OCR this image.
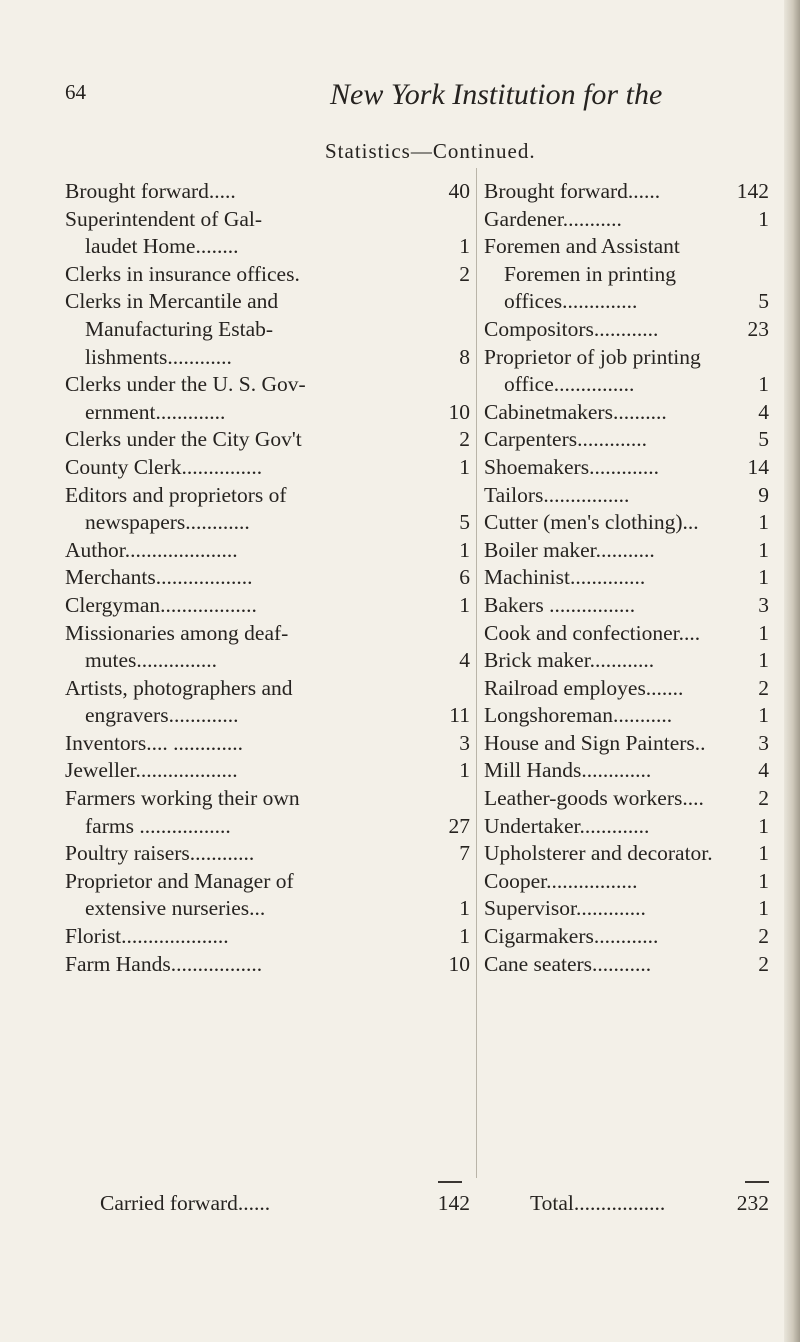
64	New York Institution for the
Statistics—Continued.
Brought forward.....	40
Superintendent of Gal-
laudet Home........	1
Clerks in insurance offices.	2
Clerks in Mercantile and
Manufacturing Estab-
lishments............	8
Clerks under the U. S. Gov-
ernment.............	10
Clerks under the City Gov't	2
County Clerk...............	1
Editors and proprietors of
newspapers............	5
Author.....................	1
Merchants..................	6
Clergyman..................	1
Missionaries among deaf-
mutes...............	4
Artists, photographers and
engravers.............	11
Inventors.... .............	3
Jeweller...................	1
Farmers working their own
farms .................	27
Poultry raisers............	7
Proprietor and Manager of
extensive nurseries...	1
Florist....................	1
Farm Hands.................	10
Brought forward......	142
Gardener...........	1
Foremen and Assistant
Foremen in printing
offices..............	5
Compositors............	23
Proprietor of job printing
office...............	1
Cabinetmakers..........	4
Carpenters.............	5
Shoemakers.............	14
Tailors................	9
Cutter (men's clothing)...	1
Boiler maker...........	1
Machinist..............	1
Bakers ................	3
Cook and confectioner....	1
Brick maker............	1
Railroad employes.......	2
Longshoreman...........	1
House and Sign Painters..	3
Mill Hands.............	4
Leather-goods workers....	2
Undertaker.............	1
Upholsterer and decorator.	1
Cooper.................	1
Supervisor.............	1
Cigarmakers............	2
Cane seaters...........	2
Carried forward......	142	Total.................	232
